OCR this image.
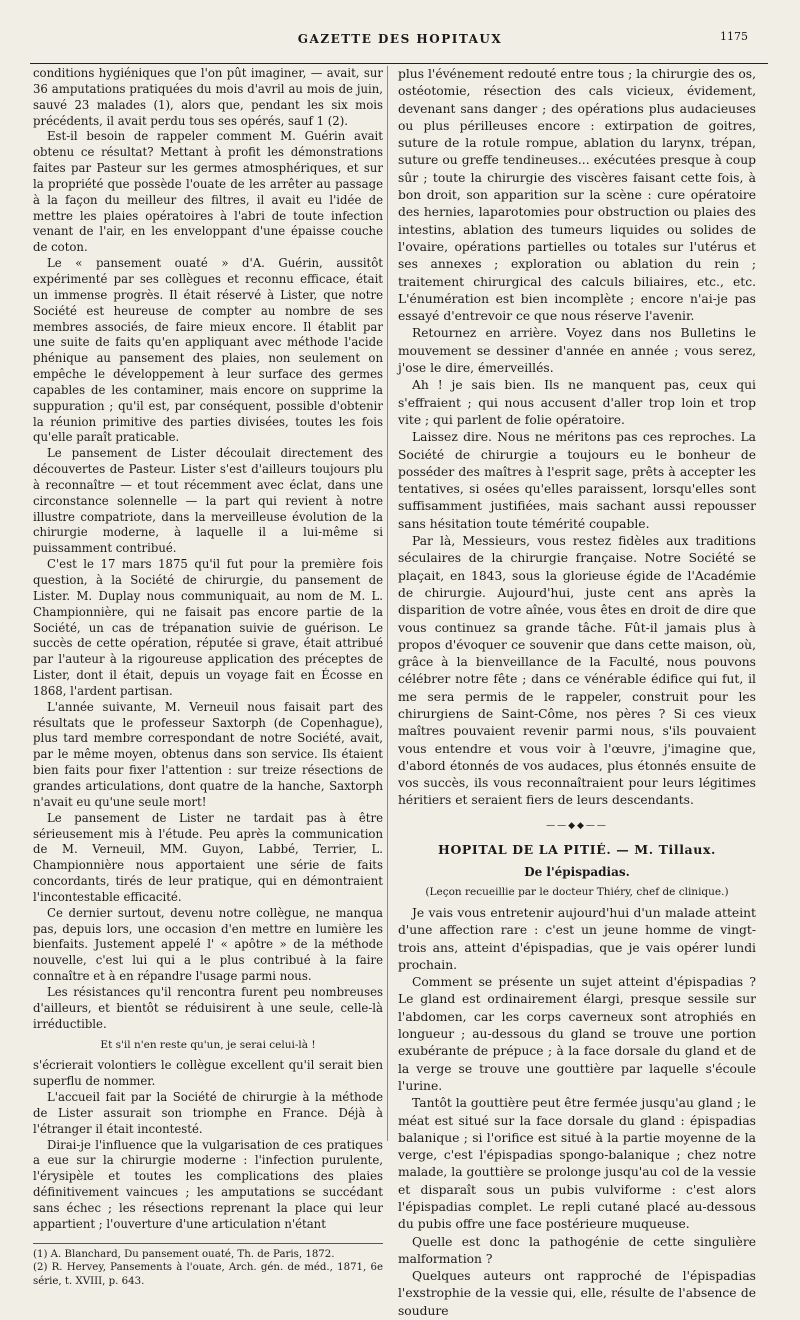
GAZETTE DES HOPITAUX	1175

conditions hygiéniques que l'on pût imaginer, — avait, sur 36 amputations pratiquées du mois d'avril au mois de juin, sauvé 23 malades (1), alors que, pendant les six mois précédents, il avait perdu tous ses opérés, sauf 1 (2).

Est-il besoin de rappeler comment M. Guérin avait obtenu ce résultat? Mettant à profit les démonstrations faites par Pasteur sur les germes atmosphériques, et sur la propriété que possède l'ouate de les arrêter au passage à la façon du meilleur des filtres, il avait eu l'idée de mettre les plaies opératoires à l'abri de toute infection venant de l'air, en les enveloppant d'une épaisse couche de coton.

Le « pansement ouaté » d'A. Guérin, aussitôt expérimenté par ses collègues et reconnu efficace, était un immense progrès. Il était réservé à Lister, que notre Société est heureuse de compter au nombre de ses membres associés, de faire mieux encore. Il établit par une suite de faits qu'en appliquant avec méthode l'acide phénique au pansement des plaies, non seulement on empêche le développement à leur surface des germes capables de les contaminer, mais encore on supprime la suppuration ; qu'il est, par conséquent, possible d'obtenir la réunion primitive des parties divisées, toutes les fois qu'elle paraît praticable.

Le pansement de Lister découlait directement des découvertes de Pasteur. Lister s'est d'ailleurs toujours plu à reconnaître — et tout récemment avec éclat, dans une circonstance solennelle — la part qui revient à notre illustre compatriote, dans la merveilleuse évolution de la chirurgie moderne, à laquelle il a lui-même si puissamment contribué.

C'est le 17 mars 1875 qu'il fut pour la première fois question, à la Société de chirurgie, du pansement de Lister. M. Duplay nous communiquait, au nom de M. L. Championnière, qui ne faisait pas encore partie de la Société, un cas de trépanation suivie de guérison. Le succès de cette opération, réputée si grave, était attribué par l'auteur à la rigoureuse application des préceptes de Lister, dont il était, depuis un voyage fait en Écosse en 1868, l'ardent partisan.

L'année suivante, M. Verneuil nous faisait part des résultats que le professeur Saxtorph (de Copenhague), plus tard membre correspondant de notre Société, avait, par le même moyen, obtenus dans son service. Ils étaient bien faits pour fixer l'attention : sur treize résections de grandes articulations, dont quatre de la hanche, Saxtorph n'avait eu qu'une seule mort!

Le pansement de Lister ne tardait pas à être sérieusement mis à l'étude. Peu après la communication de M. Verneuil, MM. Guyon, Labbé, Terrier, L. Championnière nous apportaient une série de faits concordants, tirés de leur pratique, qui en démontraient l'incontestable efficacité.

Ce dernier surtout, devenu notre collègue, ne manqua pas, depuis lors, une occasion d'en mettre en lumière les bienfaits. Justement appelé l' « apôtre » de la méthode nouvelle, c'est lui qui a le plus contribué à la faire connaître et à en répandre l'usage parmi nous.

Les résistances qu'il rencontra furent peu nombreuses d'ailleurs, et bientôt se réduisirent à une seule, celle-là irréductible.

Et s'il n'en reste qu'un, je serai celui-là !

s'écrierait volontiers le collègue excellent qu'il serait bien superflu de nommer.

L'accueil fait par la Société de chirurgie à la méthode de Lister assurait son triomphe en France. Déjà à l'étranger il était incontesté.

Dirai-je l'influence que la vulgarisation de ces pratiques a eue sur la chirurgie moderne : l'infection purulente, l'érysipèle et toutes les complications des plaies définitivement vaincues ; les amputations se succédant sans échec ; les résections reprenant la place qui leur appartient ; l'ouverture d'une articulation n'étant

(1) A. Blanchard, Du pansement ouaté, Th. de Paris, 1872.

(2) R. Hervey, Pansements à l'ouate, Arch. gén. de méd., 1871, 6e série, t. XVIII, p. 643.

plus l'événement redouté entre tous ; la chirurgie des os, ostéotomie, résection des cals vicieux, évidement, devenant sans danger ; des opérations plus audacieuses ou plus périlleuses encore : extirpation de goitres, suture de la rotule rompue, ablation du larynx, trépan, suture ou greffe tendineuses... exécutées presque à coup sûr ; toute la chirurgie des viscères faisant cette fois, à bon droit, son apparition sur la scène : cure opératoire des hernies, laparotomies pour obstruction ou plaies des intestins, ablation des tumeurs liquides ou solides de l'ovaire, opérations partielles ou totales sur l'utérus et ses annexes ; exploration ou ablation du rein ; traitement chirurgical des calculs biliaires, etc., etc. L'énumération est bien incomplète ; encore n'ai-je pas essayé d'entrevoir ce que nous réserve l'avenir.

Retournez en arrière. Voyez dans nos Bulletins le mouvement se dessiner d'année en année ; vous serez, j'ose le dire, émerveillés.

Ah ! je sais bien. Ils ne manquent pas, ceux qui s'effraient ; qui nous accusent d'aller trop loin et trop vite ; qui parlent de folie opératoire.

Laissez dire. Nous ne méritons pas ces reproches. La Société de chirurgie a toujours eu le bonheur de posséder des maîtres à l'esprit sage, prêts à accepter les tentatives, si osées qu'elles paraissent, lorsqu'elles sont suffisamment justifiées, mais sachant aussi repousser sans hésitation toute témérité coupable.

Par là, Messieurs, vous restez fidèles aux traditions séculaires de la chirurgie française. Notre Société se plaçait, en 1843, sous la glorieuse égide de l'Académie de chirurgie. Aujourd'hui, juste cent ans après la disparition de votre aînée, vous êtes en droit de dire que vous continuez sa grande tâche. Fût-il jamais plus à propos d'évoquer ce souvenir que dans cette maison, où, grâce à la bienveillance de la Faculté, nous pouvons célébrer notre fête ; dans ce vénérable édifice qui fut, il me sera permis de le rappeler, construit pour les chirurgiens de Saint-Côme, nos pères ? Si ces vieux maîtres pouvaient revenir parmi nous, s'ils pouvaient vous entendre et vous voir à l'œuvre, j'imagine que, d'abord étonnés de vos audaces, plus étonnés ensuite de vos succès, ils vous reconnaîtraient pour leurs légitimes héritiers et seraient fiers de leurs descendants.

——◆◆——
HOPITAL DE LA PITIÉ. — M. Tillaux.
De l'épispadias.
(Leçon recueillie par le docteur Thiéry, chef de clinique.)

Je vais vous entretenir aujourd'hui d'un malade atteint d'une affection rare : c'est un jeune homme de vingt-trois ans, atteint d'épispadias, que je vais opérer lundi prochain.

Comment se présente un sujet atteint d'épispadias ? Le gland est ordinairement élargi, presque sessile sur l'abdomen, car les corps caverneux sont atrophiés en longueur ; au-dessous du gland se trouve une portion exubérante de prépuce ; à la face dorsale du gland et de la verge se trouve une gouttière par laquelle s'écoule l'urine.

Tantôt la gouttière peut être fermée jusqu'au gland ; le méat est situé sur la face dorsale du gland : épispadias balanique ; si l'orifice est situé à la partie moyenne de la verge, c'est l'épispadias spongo-balanique ; chez notre malade, la gouttière se prolonge jusqu'au col de la vessie et disparaît sous un pubis vulviforme : c'est alors l'épispadias complet. Le repli cutané placé au-dessous du pubis offre une face postérieure muqueuse.

Quelle est donc la pathogénie de cette singulière malformation ?

Quelques auteurs ont rapproché de l'épispadias l'exstrophie de la vessie qui, elle, résulte de l'absence de soudure
